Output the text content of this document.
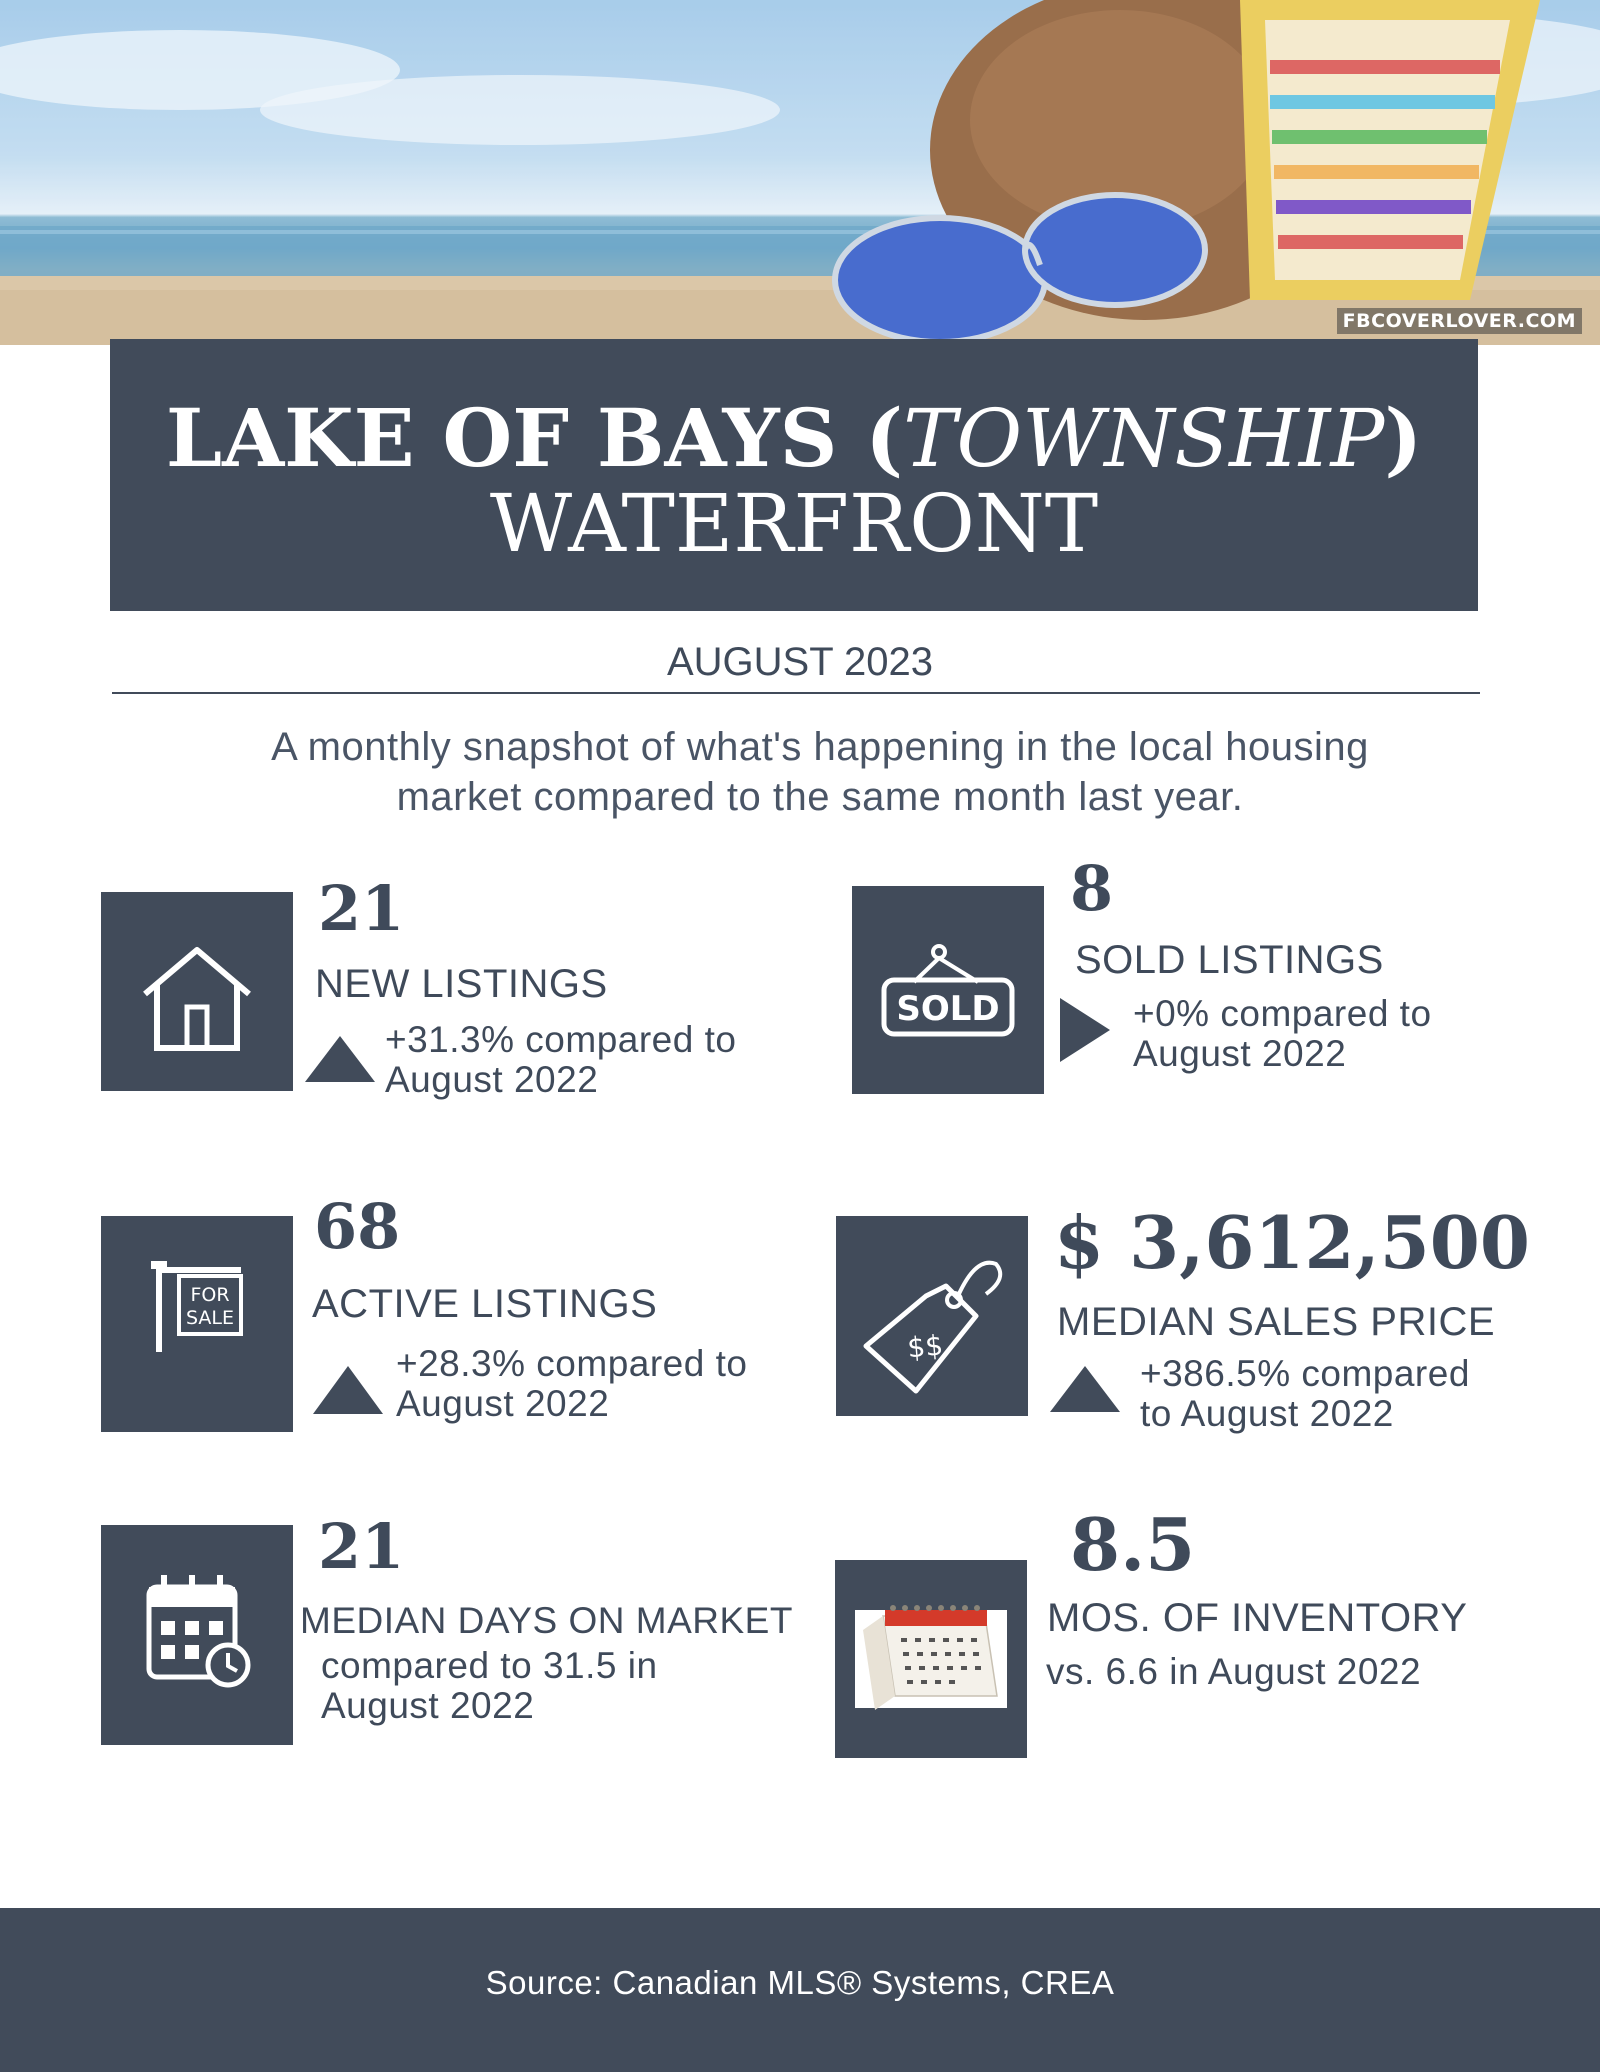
FBCOVERLOVER.COM
LAKE OF BAYS (TOWNSHIP)
WATERFRONT
AUGUST 2023
A monthly snapshot of what's happening in the local housing
market compared to the same month last year.
21
NEW LISTINGS
+31.3% compared to
August 2022
SOLD
8
SOLD LISTINGS
+0% compared to
August 2022
FOR
SALE
68
ACTIVE LISTINGS
+28.3% compared to
August 2022
$$
$ 3,612,500
MEDIAN SALES PRICE
+386.5% compared
to August 2022
21
MEDIAN DAYS ON MARKET
compared to 31.5 in
August 2022
8.5
MOS. OF INVENTORY
vs. 6.6 in August 2022
Source: Canadian MLS® Systems, CREA
